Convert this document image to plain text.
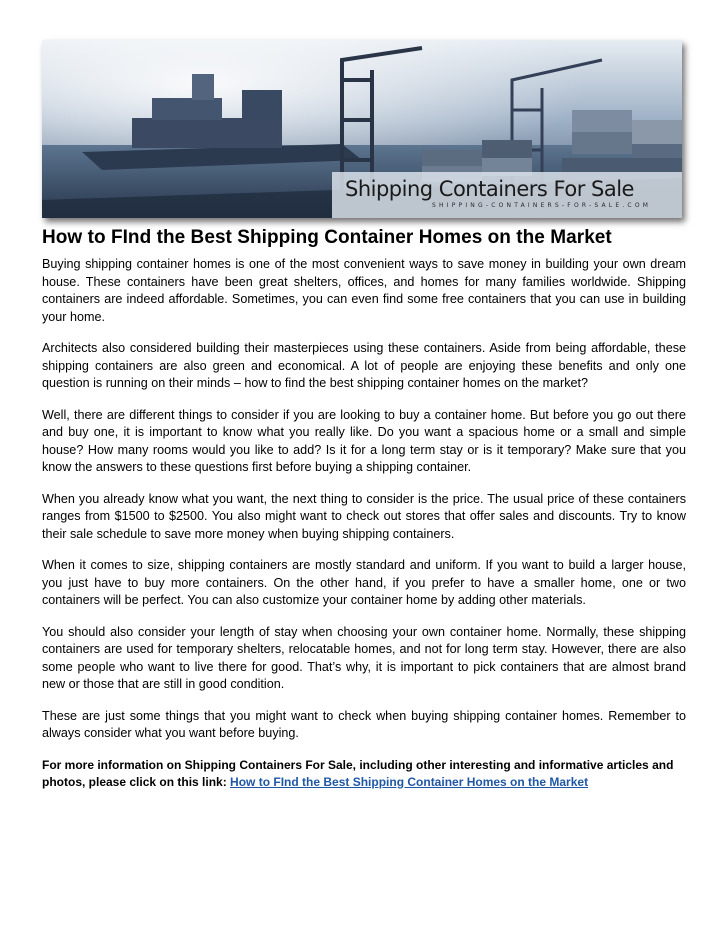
Shipping Containers For Sale
SHIPPING-CONTAINERS-FOR-SALE.COM
How to FInd the Best Shipping Container Homes on the Market

Buying shipping container homes is one of the most convenient ways to save money in building your own dream house. These containers have been great shelters, offices, and homes for many families worldwide. Shipping containers are indeed affordable. Sometimes, you can even find some free containers that you can use in building your home.

Architects also considered building their masterpieces using these containers. Aside from being affordable, these shipping containers are also green and economical. A lot of people are enjoying these benefits and only one question is running on their minds – how to find the best shipping container homes on the market?

Well, there are different things to consider if you are looking to buy a container home. But before you go out there and buy one, it is important to know what you really like. Do you want a spacious home or a small and simple house? How many rooms would you like to add? Is it for a long term stay or is it temporary? Make sure that you know the answers to these questions first before buying a shipping container.

When you already know what you want, the next thing to consider is the price. The usual price of these containers ranges from $1500 to $2500. You also might want to check out stores that offer sales and discounts. Try to know their sale schedule to save more money when buying shipping containers.

When it comes to size, shipping containers are mostly standard and uniform. If you want to build a larger house, you just have to buy more containers. On the other hand, if you prefer to have a smaller home, one or two containers will be perfect. You can also customize your container home by adding other materials.

You should also consider your length of stay when choosing your own container home. Normally, these shipping containers are used for temporary shelters, relocatable homes, and not for long term stay. However, there are also some people who want to live there for good. That’s why, it is important to pick containers that are almost brand new or those that are still in good condition.

These are just some things that you might want to check when buying shipping container homes. Remember to always consider what you want before buying.

For more information on Shipping Containers For Sale, including other interesting and informative articles and photos, please click on this link: How to FInd the Best Shipping Container Homes on the Market
